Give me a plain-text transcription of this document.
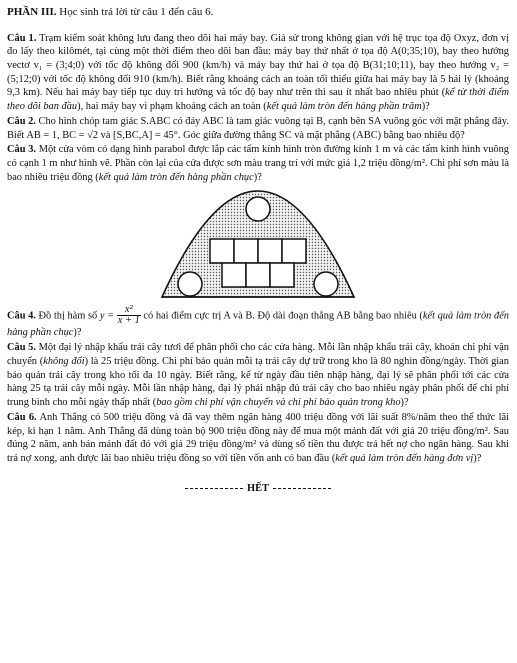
PHẦN III. Học sinh trả lời từ câu 1 đến câu 6.

Câu 1. Trạm kiểm soát không lưu đang theo dõi hai máy bay. Giả sử trong không gian với hệ trục tọa độ Oxyz, đơn vị đo lấy theo kilômét, tại cùng một thời điểm theo dõi ban đầu: máy bay thứ nhất ở tọa độ A(0;35;10), bay theo hướng vectơ v₁ = (3;4;0) với tốc độ không đổi 900 (km/h) và máy bay thứ hai ở tọa độ B(31;10;11), bay theo hướng v₂ = (5;12;0) với tốc độ không đổi 910 (km/h). Biết rằng khoảng cách an toàn tối thiểu giữa hai máy bay là 5 hải lý (khoảng 9,3 km). Nếu hai máy bay tiếp tục duy trì hướng và tốc độ bay như trên thì sau ít nhất bao nhiêu phút (kể từ thời điểm theo dõi ban đầu), hai máy bay vi phạm khoảng cách an toàn (kết quả làm tròn đến hàng phần trăm)?

Câu 2. Cho hình chóp tam giác S.ABC có đáy ABC là tam giác vuông tại B, cạnh bên SA vuông góc với mặt phẳng đáy. Biết AB = 1, BC = √2 và [S,BC,A] = 45°. Góc giữa đường thẳng SC và mặt phẳng (ABC) bằng bao nhiêu độ?

Câu 3. Một cửa vòm có dạng hình parabol được lắp các tấm kính hình tròn đường kính 1 m và các tấm kính hình vuông có cạnh 1 m như hình vẽ. Phần còn lại của cửa được sơn màu trang trí với mức giá 1,2 triệu đồng/m². Chi phí sơn màu là bao nhiêu triệu đồng (kết quả làm tròn đến hàng phần chục)?

Câu 4. Đồ thị hàm số $y = \frac{\text{x²}}{x + 1}$ có hai điểm cực trị A và B. Độ dài đoạn thẳng AB bằng bao nhiêu (kết quả làm tròn đến hàng phần chục)?

Câu 5. Một đại lý nhập khẩu trái cây tươi để phân phối cho các cửa hàng. Mỗi lần nhập khẩu trái cây, khoản chi phí vận chuyển (không đổi) là 25 triệu đồng. Chi phí bảo quản mỗi tạ trái cây dự trữ trong kho là 80 nghìn đồng/ngày. Thời gian bảo quản trái cây trong kho tối đa 10 ngày. Biết rằng, kể từ ngày đầu tiên nhập hàng, đại lý sẽ phân phối tới các cửa hàng 25 tạ trái cây mỗi ngày. Mỗi lần nhập hàng, đại lý phải nhập đủ trái cây cho bao nhiêu ngày phân phối để chi phí trung bình cho mỗi ngày thấp nhất (bao gồm chi phí vận chuyển và chi phí bảo quản trong kho)?

Câu 6. Anh Thắng có 500 triệu đồng và đã vay thêm ngân hàng 400 triệu đồng với lãi suất 8%/năm theo thể thức lãi kép, kì hạn 1 năm. Anh Thắng đã dùng toàn bộ 900 triệu đồng này để mua một mảnh đất với giá 20 triệu đồng/m². Sau đúng 2 năm, anh bán mảnh đất đó với giá 29 triệu đồng/m² và dùng số tiền thu được trả hết nợ cho ngân hàng. Sau khi trả nợ xong, anh được lãi bao nhiêu triệu đồng so với tiền vốn anh có ban đầu (kết quả làm tròn đến hàng đơn vị)?

HẾT
